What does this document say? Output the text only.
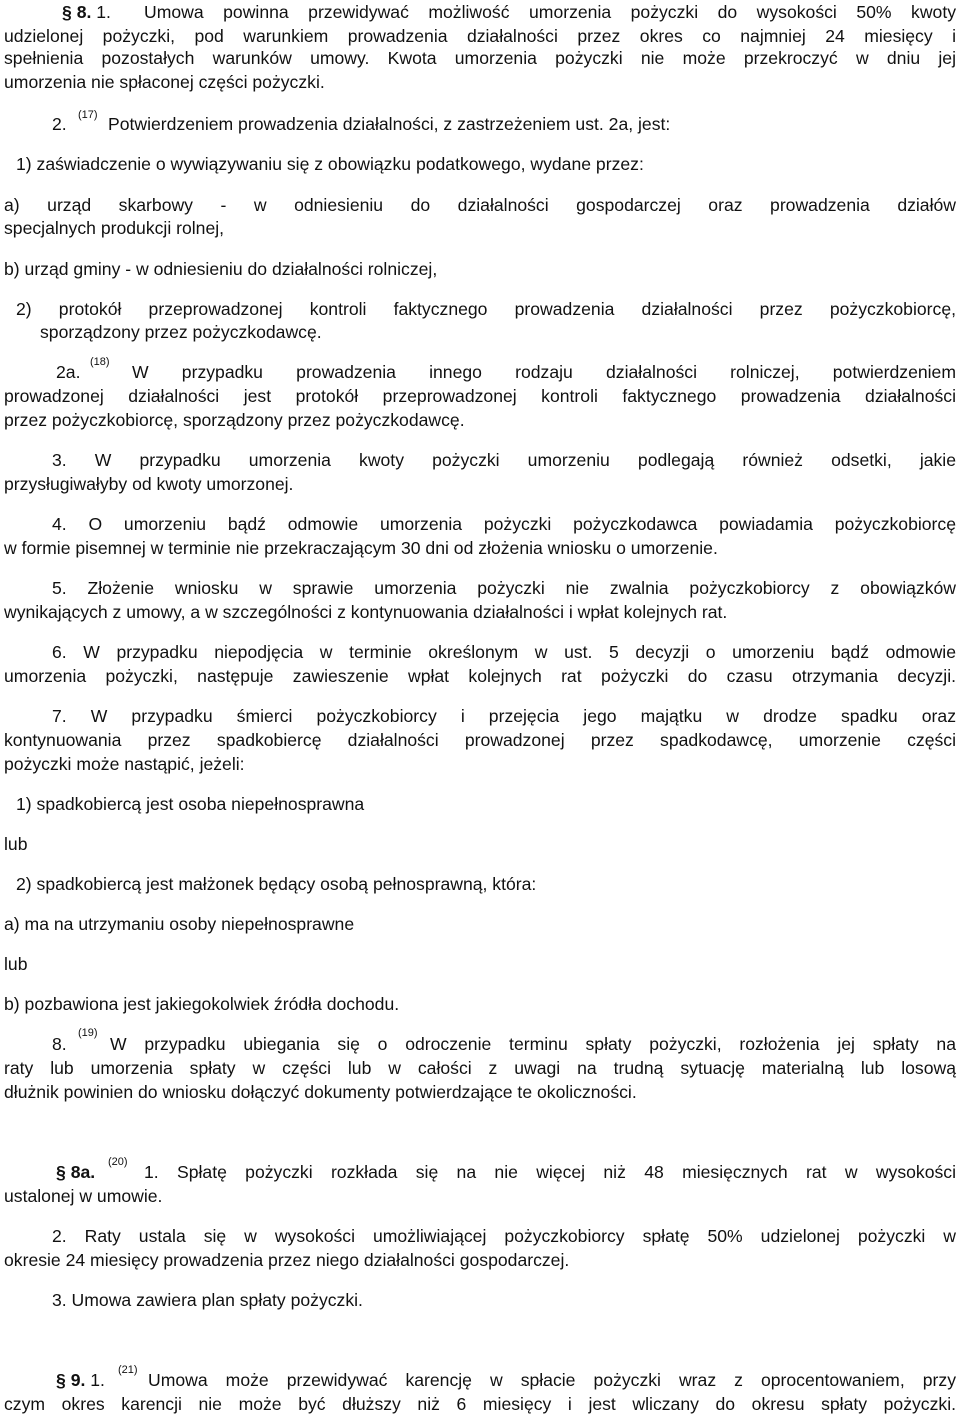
§ 8. 1. Umowa powinna przewidywać możliwość umorzenia pożyczki do wysokości 50% kwoty
udzielonej pożyczki, pod warunkiem prowadzenia działalności przez okres co najmniej 24 miesięcy i
spełnienia pozostałych warunków umowy. Kwota umorzenia pożyczki nie może przekroczyć w dniu jej
umorzenia nie spłaconej części pożyczki.
2. (17) Potwierdzeniem prowadzenia działalności, z zastrzeżeniem ust. 2a, jest:
1) zaświadczenie o wywiązywaniu się z obowiązku podatkowego, wydane przez:
a) urząd skarbowy - w odniesieniu do działalności gospodarczej oraz prowadzenia działów
specjalnych produkcji rolnej,
b) urząd gminy - w odniesieniu do działalności rolniczej,
2) protokół przeprowadzonej kontroli faktycznego prowadzenia działalności przez pożyczkobiorcę,
sporządzony przez pożyczkodawcę.
2a. (18) W przypadku prowadzenia innego rodzaju działalności rolniczej, potwierdzeniem
prowadzonej działalności jest protokół przeprowadzonej kontroli faktycznego prowadzenia działalności
przez pożyczkobiorcę, sporządzony przez pożyczkodawcę.
3. W przypadku umorzenia kwoty pożyczki umorzeniu podlegają również odsetki, jakie
przysługiwałyby od kwoty umorzonej.
4. O umorzeniu bądź odmowie umorzenia pożyczki pożyczkodawca powiadamia pożyczkobiorcę
w formie pisemnej w terminie nie przekraczającym 30 dni od złożenia wniosku o umorzenie.
5. Złożenie wniosku w sprawie umorzenia pożyczki nie zwalnia pożyczkobiorcy z obowiązków
wynikających z umowy, a w szczególności z kontynuowania działalności i wpłat kolejnych rat.
6. W przypadku niepodjęcia w terminie określonym w ust. 5 decyzji o umorzeniu bądź odmowie
umorzenia pożyczki, następuje zawieszenie wpłat kolejnych rat pożyczki do czasu otrzymania decyzji.
7. W przypadku śmierci pożyczkobiorcy i przejęcia jego majątku w drodze spadku oraz
kontynuowania przez spadkobiercę działalności prowadzonej przez spadkodawcę, umorzenie części
pożyczki może nastąpić, jeżeli:
1) spadkobiercą jest osoba niepełnosprawna
lub
2) spadkobiercą jest małżonek będący osobą pełnosprawną, która:
a) ma na utrzymaniu osoby niepełnosprawne
lub
b) pozbawiona jest jakiegokolwiek źródła dochodu.
8.
(19)
W przypadku ubiegania się o odroczenie terminu spłaty pożyczki, rozłożenia jej spłaty na
raty lub umorzenia spłaty w części lub w całości z uwagi na trudną sytuację materialną lub losową
dłużnik powinien do wniosku dołączyć dokumenty potwierdzające te okoliczności.
§ 8a. (20) 1. Spłatę pożyczki rozkłada się na nie więcej niż 48 miesięcznych rat w wysokości
ustalonej w umowie.
2. Raty ustala się w wysokości umożliwiającej pożyczkobiorcy spłatę 50% udzielonej pożyczki w
okresie 24 miesięcy prowadzenia przez niego działalności gospodarczej.
3. Umowa zawiera plan spłaty pożyczki.
§ 9. 1. (21) Umowa może przewidywać karencję w spłacie pożyczki wraz z oprocentowaniem, przy
czym okres karencji nie może być dłuższy niż 6 miesięcy i jest wliczany do okresu spłaty pożyczki.
